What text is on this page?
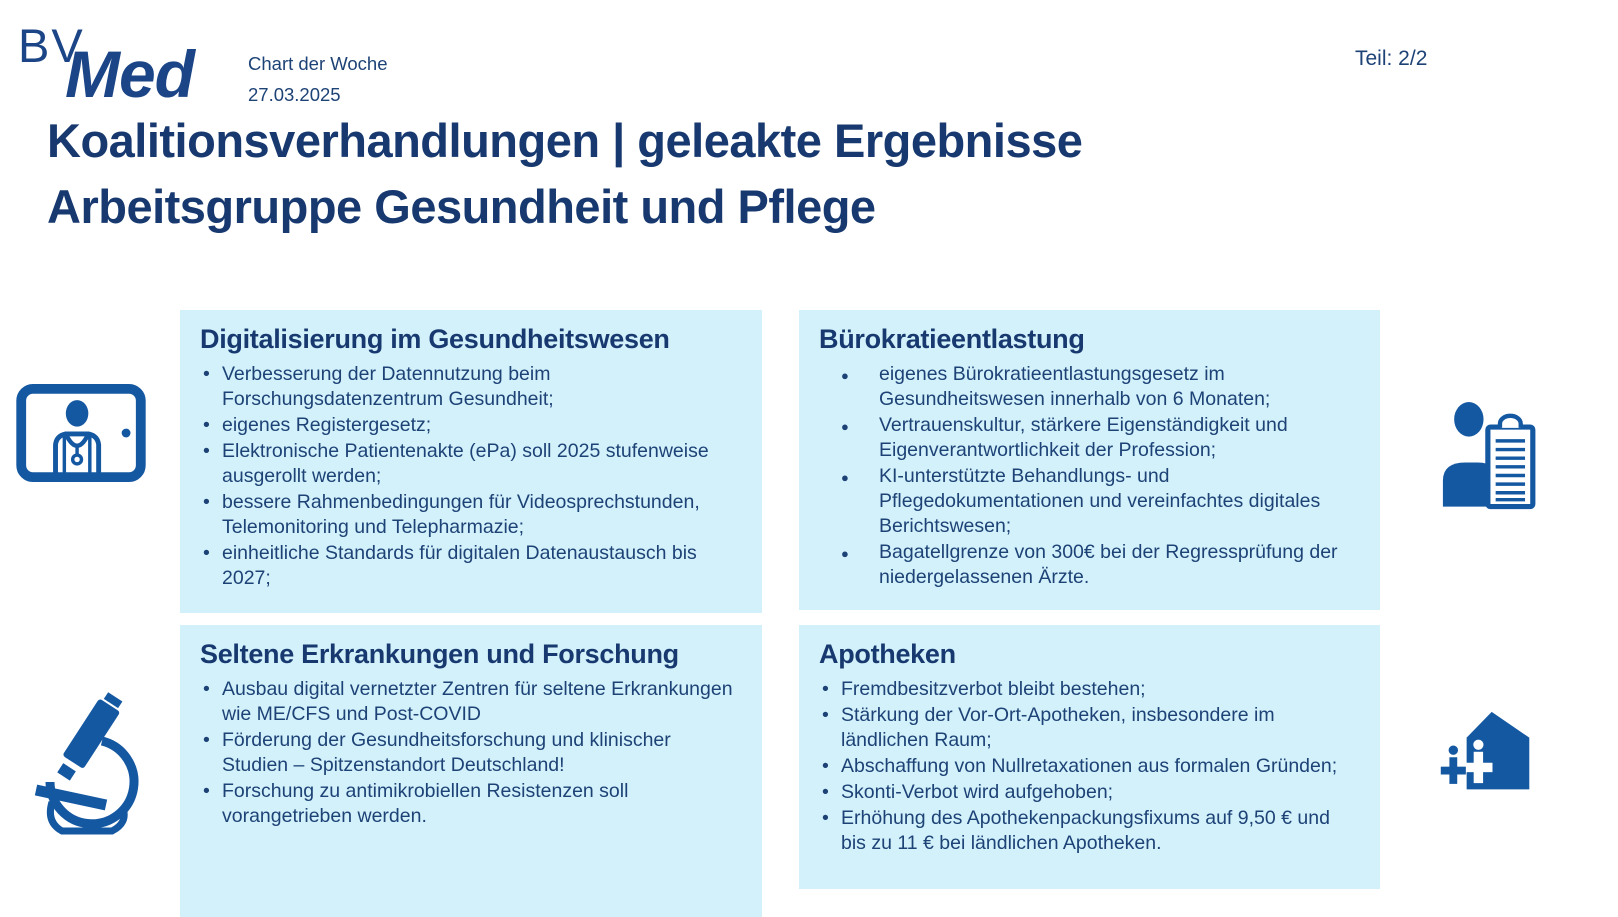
BV
Med	Chart der Woche
27.03.2025
Teil: 2/2
Koalitionsverhandlungen | geleakte Ergebnisse
Arbeitsgruppe Gesundheit und Pflege
Digitalisierung im Gesundheitswesen
• Verbesserung der Datennutzung beim Forschungsdatenzentrum Gesundheit;
• eigenes Registergesetz;
• Elektronische Patientenakte (ePa) soll 2025 stufenweise ausgerollt werden;
• bessere Rahmenbedingungen für Videosprechstunden, Telemonitoring und Telepharmazie;
• einheitliche Standards für digitalen Datenaustausch bis 2027;
Bürokratieentlastung
● eigenes Bürokratieentlastungsgesetz im Gesundheitswesen innerhalb von 6 Monaten;
● Vertrauenskultur, stärkere Eigenständigkeit und Eigenverantwortlichkeit der Profession;
● KI-unterstützte Behandlungs- und Pflegedokumentationen und vereinfachtes digitales Berichtswesen;
● Bagatellgrenze von 300€ bei der Regressprüfung der niedergelassenen Ärzte.
Seltene Erkrankungen und Forschung
• Ausbau digital vernetzter Zentren für seltene Erkrankungen wie ME/CFS und Post-COVID
• Förderung der Gesundheitsforschung und klinischer Studien – Spitzenstandort Deutschland!
• Forschung zu antimikrobiellen Resistenzen soll vorangetrieben werden.
Apotheken
• Fremdbesitzverbot bleibt bestehen;
• Stärkung der Vor-Ort-Apotheken, insbesondere im ländlichen Raum;
• Abschaffung von Nullretaxationen aus formalen Gründen;
• Skonti-Verbot wird aufgehoben;
• Erhöhung des Apothekenpackungsfixums auf 9,50 € und bis zu 11 € bei ländlichen Apotheken.
